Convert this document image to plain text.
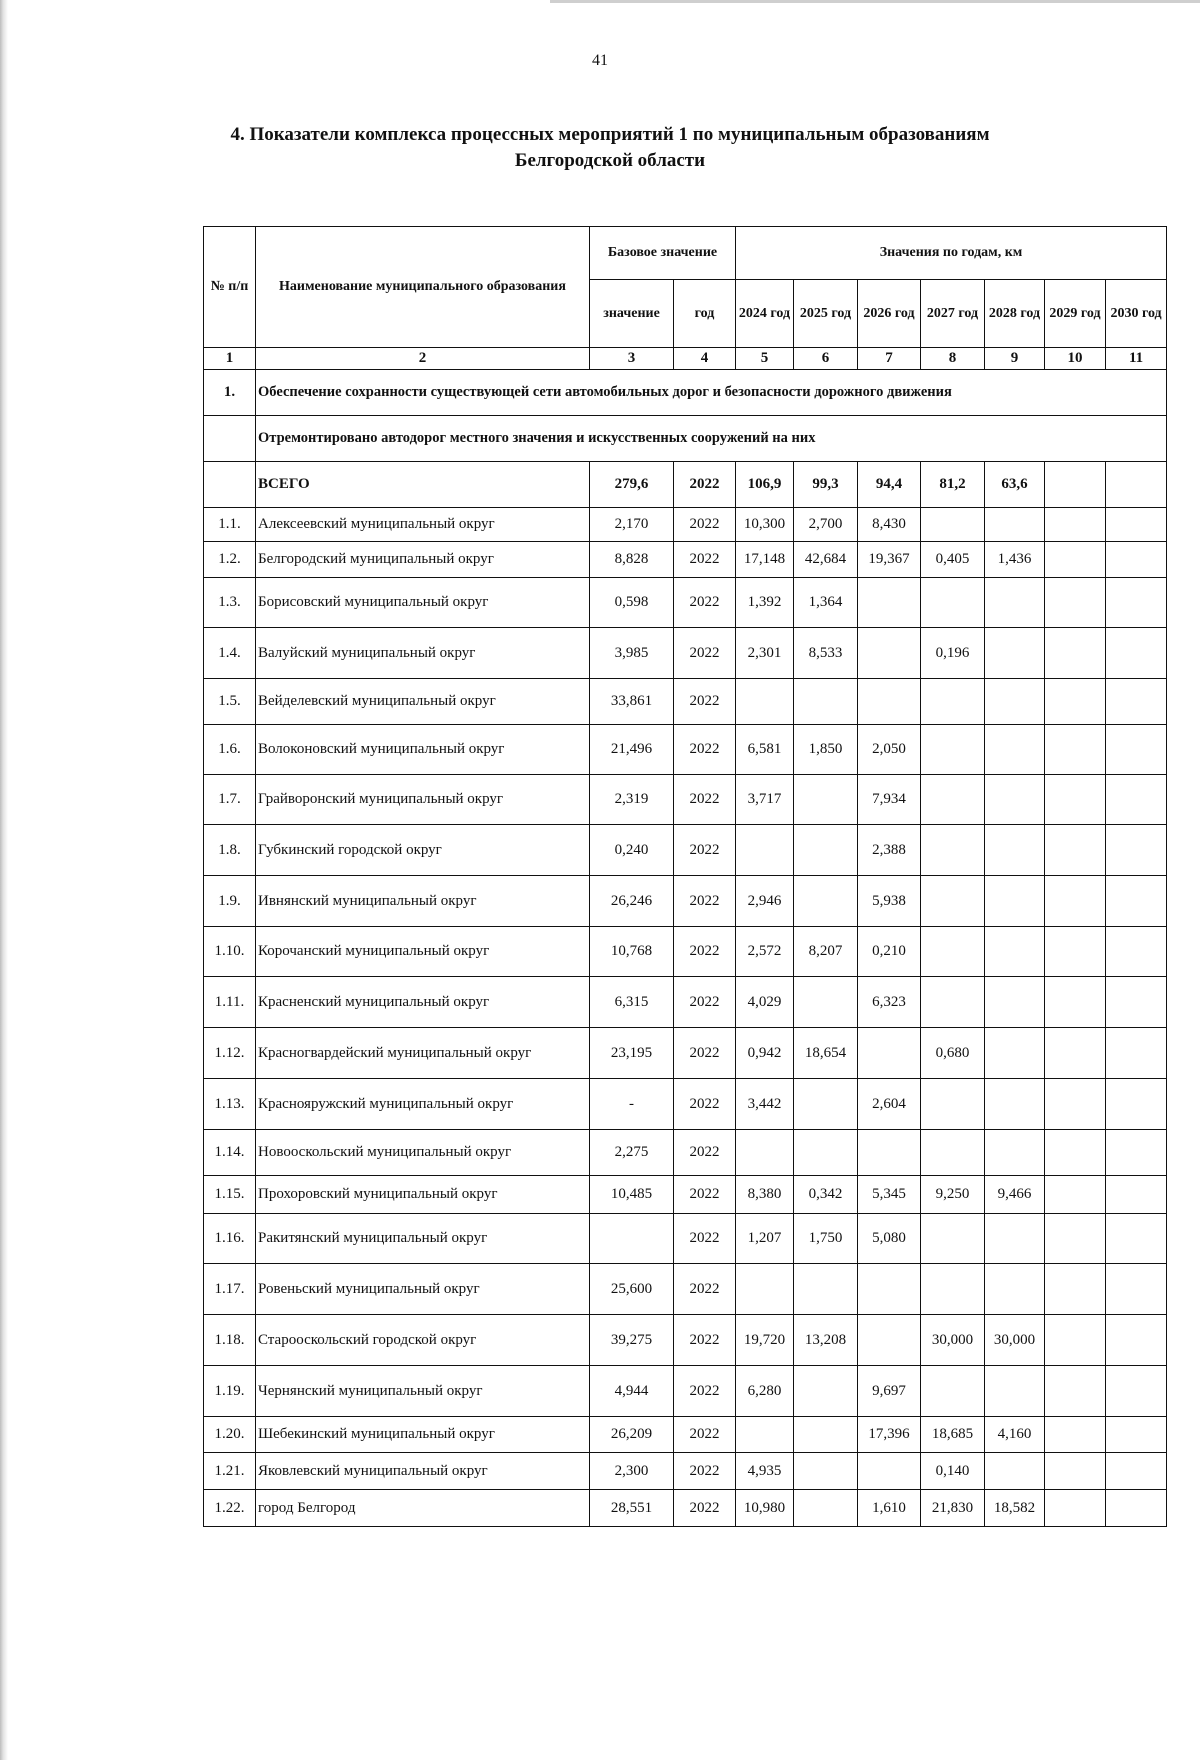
41
4. Показатели комплекса процессных мероприятий 1 по муниципальным образованиям
Белгородской области
№ п/п	Наименование муниципального образования	Базовое значение		Значения по годам, км						
		значение	год	2024 год	2025 год	2026 год	2027 год	2028 год	2029 год	2030 год
1	2	3	4	5	6	7	8	9	10	11
1.	Обеспечение сохранности существующей сети автомобильных дорог и безопасности дорожного движения									
	Отремонтировано автодорог местного значения и искусственных сооружений на них									
	ВСЕГО	279,6	2022	106,9	99,3	94,4	81,2	63,6		
1.1.	Алексеевский муниципальный округ	2,170	2022	10,300	2,700	8,430				
1.2.	Белгородский муниципальный округ	8,828	2022	17,148	42,684	19,367	0,405	1,436		
1.3.	Борисовский муниципальный округ	0,598	2022	1,392	1,364					
1.4.	Валуйский муниципальный округ	3,985	2022	2,301	8,533		0,196			
1.5.	Вейделевский муниципальный округ	33,861	2022							
1.6.	Волоконовский муниципальный округ	21,496	2022	6,581	1,850	2,050				
1.7.	Грайворонский муниципальный округ	2,319	2022	3,717		7,934				
1.8.	Губкинский городской округ	0,240	2022			2,388				
1.9.	Ивнянский муниципальный округ	26,246	2022	2,946		5,938				
1.10.	Корочанский муниципальный округ	10,768	2022	2,572	8,207	0,210				
1.11.	Красненский муниципальный округ	6,315	2022	4,029		6,323				
1.12.	Красногвардейский муниципальный округ	23,195	2022	0,942	18,654		0,680			
1.13.	Краснояружский муниципальный округ	-	2022	3,442		2,604				
1.14.	Новооскольский муниципальный округ	2,275	2022							
1.15.	Прохоровский муниципальный округ	10,485	2022	8,380	0,342	5,345	9,250	9,466		
1.16.	Ракитянский муниципальный округ		2022	1,207	1,750	5,080				
1.17.	Ровеньский муниципальный округ	25,600	2022							
1.18.	Старооскольский городской округ	39,275	2022	19,720	13,208		30,000	30,000		
1.19.	Чернянский муниципальный округ	4,944	2022	6,280		9,697				
1.20.	Шебекинский муниципальный округ	26,209	2022			17,396	18,685	4,160		
1.21.	Яковлевский муниципальный округ	2,300	2022	4,935			0,140			
1.22.	город Белгород	28,551	2022	10,980		1,610	21,830	18,582		
